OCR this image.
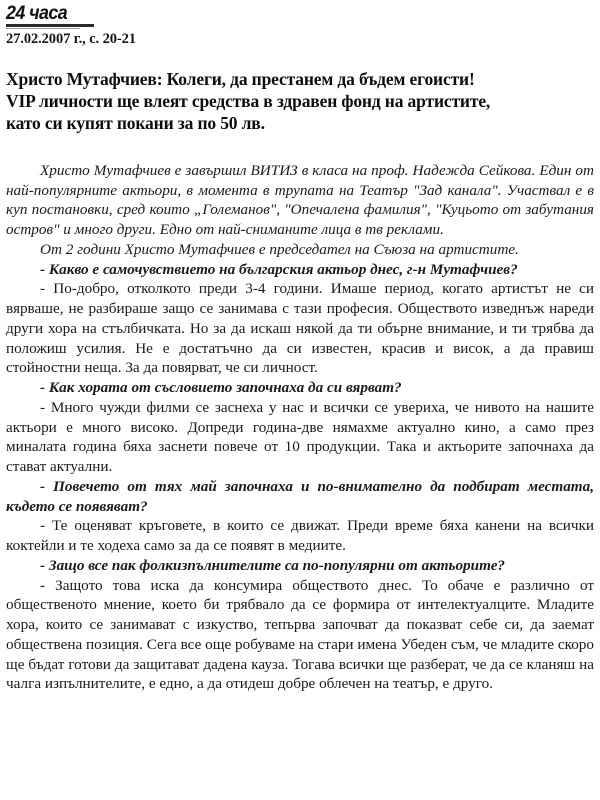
24 часа
27.02.2007 г., с. 20-21
Христо Мутафчиев: Колеги, да престанем да бъдем егоисти!
VIP личности ще влеят средства в здравен фонд на артистите,
като си купят покани за по 50 лв.

Христо Мутафчиев е завършил ВИТИЗ в класа на проф. Надежда Сейкова. Един от най-популярните актьори, в момента в трупата на Театър "Зад канала". Участвал е в куп постановки, сред които „Големанов", "Опечалена фамилия", "Куцьото от забутания остров" и много други. Едно от най-сниманите лица в тв реклами.

От 2 години Христо Мутафчиев е председател на Съюза на артистите.

- Какво е самочувствието на българския актьор днес, г-н Мутафчиев?

- По-добро, отколкото преди 3-4 години. Имаше период, когато артистът не си вярваше, не разбираше защо се занимава с тази професия. Обществото изведнъж нареди други хора на стълбичката. Но за да искаш някой да ти обърне внимание, и ти трябва да положиш усилия. Не е достатъчно да си известен, красив и висок, а да правиш стойностни неща. За да повярват, че си личност.

- Как хората от съсловието започнаха да си вярват?

- Много чужди филми се заснеха у нас и всички се увериха, че нивото на нашите актьори е много високо. Допреди година-две нямахме актуално кино, а само през миналата година бяха заснети повече от 10 продукции. Така и актьорите започнаха да стават актуални.

- Повечето от тях май започнаха и по-внимателно да подбират местата, където се появяват?

- Те оценяват кръговете, в които се движат. Преди време бяха канени на всички коктейли и те ходеха само за да се появят в медиите.

- Защо все пак фолкизпълнителите са по-популярни от актьорите?

- Защото това иска да консумира обществото днес. То обаче е различно от общественото мнение, което би трябвало да се формира от интелектуалците. Младите хора, които се занимават с изкуство, тепърва започват да показват себе си, да заемат обществена позиция. Сега все още робуваме на стари имена Убеден съм, че младите скоро ще бъдат готови да защитават дадена кауза. Тогава всички ще разберат, че да се кланяш на чалга изпълнителите, е едно, а да отидеш добре облечен на театър, е друго.
